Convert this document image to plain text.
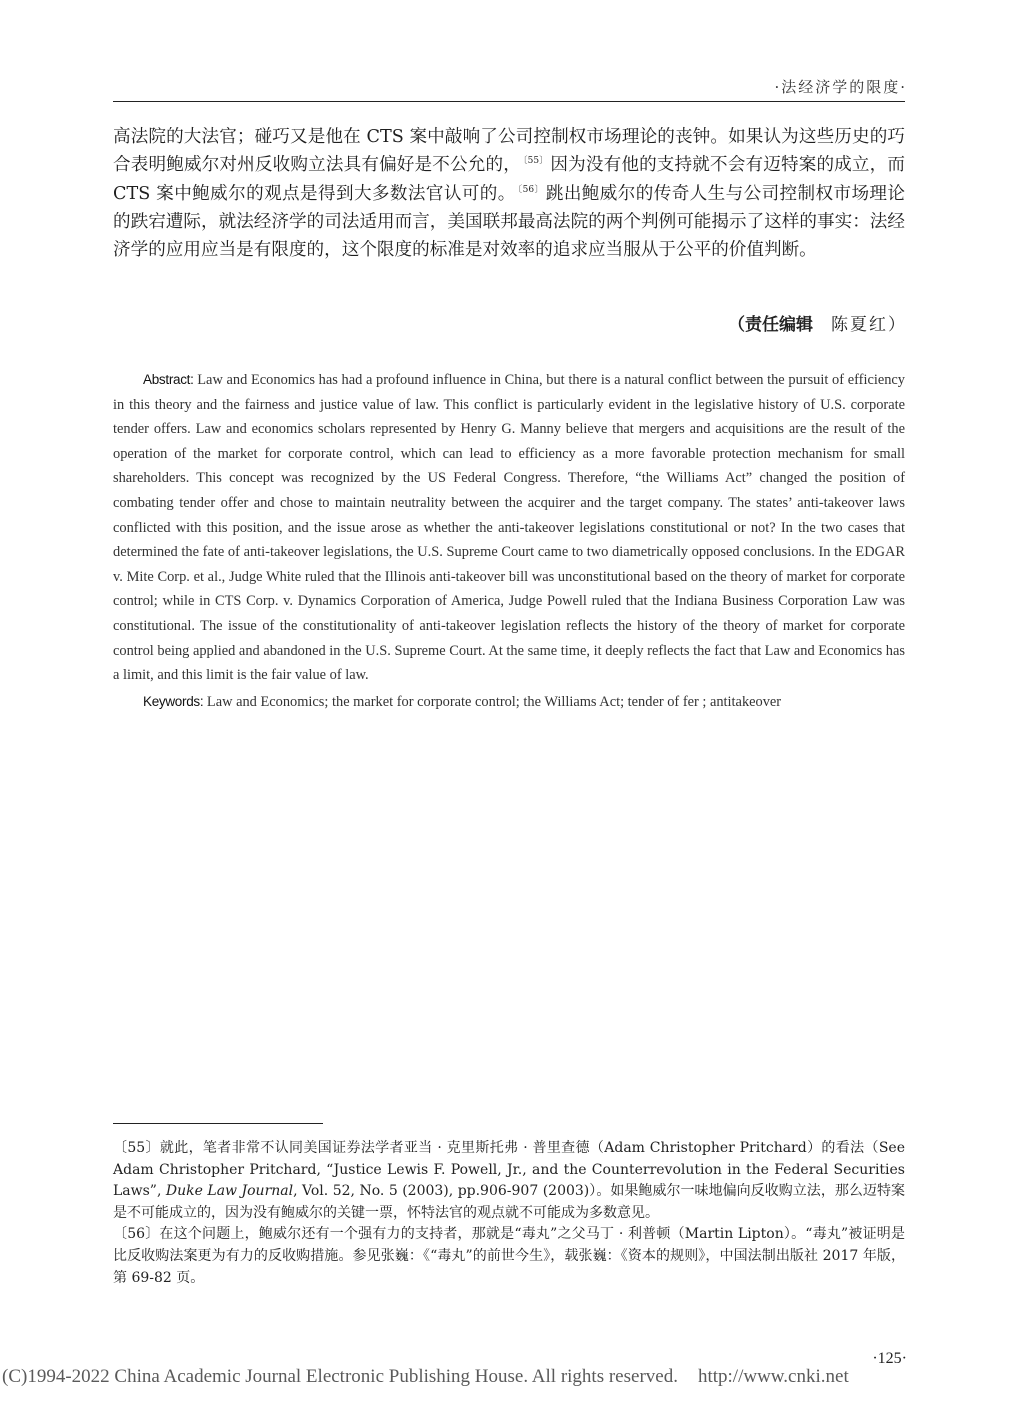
·法经济学的限度·

高法院的大法官；碰巧又是他在 CTS 案中敲响了公司控制权市场理论的丧钟。如果认为这些历史的巧合表明鲍威尔对州反收购立法具有偏好是不公允的， $^{〔55〕}$ 因为没有他的支持就不会有迈特案的成立，而 CTS 案中鲍威尔的观点是得到大多数法官认可的。 $^{〔56〕}$ 跳出鲍威尔的传奇人生与公司控制权市场理论的跌宕遭际，就法经济学的司法适用而言，美国联邦最高法院的两个判例可能揭示了这样的事实：法经济学的应用应当是有限度的，这个限度的标准是对效率的追求应当服从于公平的价值判断。

（责任编辑 陈夏红）

Abstract: Law and Economics has had a profound influence in China, but there is a natural conflict between the pursuit of efficiency in this theory and the fairness and justice value of law. This conflict is particularly evident in the legislative history of U.S. corporate tender offers. Law and economics scholars represented by Henry G. Manny believe that mergers and acquisitions are the result of the operation of the market for corporate control, which can lead to efficiency as a more favorable protection mechanism for small shareholders. This concept was recognized by the US Federal Congress. Therefore, “the Williams Act” changed the position of combating tender offer and chose to maintain neutrality between the acquirer and the target company. The states’ anti-takeover laws conflicted with this position, and the issue arose as whether the anti-takeover legislations constitutional or not? In the two cases that determined the fate of anti-takeover legislations, the U.S. Supreme Court came to two diametrically opposed conclusions. In the EDGAR v. Mite Corp. et al., Judge White ruled that the Illinois anti-takeover bill was unconstitutional based on the theory of market for corporate control; while in CTS Corp. v. Dynamics Corporation of America, Judge Powell ruled that the Indiana Business Corporation Law was constitutional. The issue of the constitutionality of anti-takeover legislation reflects the history of the theory of market for corporate control being applied and abandoned in the U.S. Supreme Court. At the same time, it deeply reflects the fact that Law and Economics has a limit, and this limit is the fair value of law.

Keywords: Law and Economics; the market for corporate control; the Williams Act; tender of fer ; antitakeover

〔55〕就此，笔者非常不认同美国证券法学者亚当 · 克里斯托弗 · 普里查德（Adam Christopher Pritchard）的看法（See Adam Christopher Pritchard, “Justice Lewis F. Powell, Jr., and the Counterrevolution in the Federal Securities Laws”, Duke Law Journal, Vol. 52, No. 5 (2003), pp.906-907 (2003)）。如果鲍威尔一味地偏向反收购立法，那么迈特案是不可能成立的，因为没有鲍威尔的关键一票，怀特法官的观点就不可能成为多数意见。

〔56〕在这个问题上，鲍威尔还有一个强有力的支持者，那就是“毒丸”之父马丁 · 利普顿（Martin Lipton）。“毒丸”被证明是比反收购法案更为有力的反收购措施。参见张巍：《“毒丸”的前世今生》，载张巍：《资本的规则》，中国法制出版社 2017 年版，第 69-82 页。

·125·
(C)1994-2022 China Academic Journal Electronic Publishing House. All rights reserved. http://www.cnki.net
